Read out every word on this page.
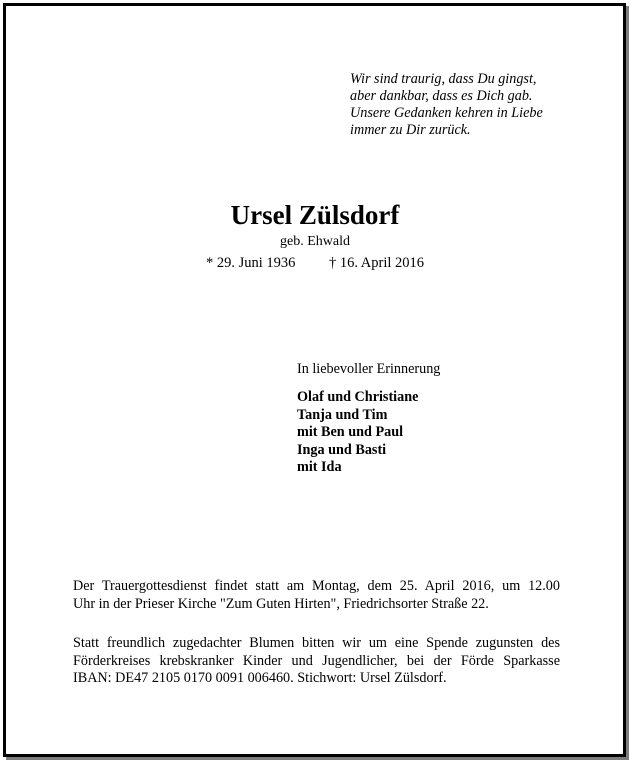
Wir sind traurig, dass Du gingst,
aber dankbar, dass es Dich gab.
Unsere Gedanken kehren in Liebe
immer zu Dir zurück.
Ursel Zülsdorf
geb. Ehwald
* 29. Juni 1936 † 16. April 2016
In liebevoller Erinnerung
Olaf und Christiane
Tanja und Tim
mit Ben und Paul
Inga und Basti
mit Ida
Der Trauergottesdienst findet statt am Montag, dem 25. April 2016, um 12.00
Uhr in der Prieser Kirche "Zum Guten Hirten", Friedrichsorter Straße 22.
Statt freundlich zugedachter Blumen bitten wir um eine Spende zugunsten des
Förderkreises krebskranker Kinder und Jugendlicher, bei der Förde Sparkasse
IBAN: DE47 2105 0170 0091 006460. Stichwort: Ursel Zülsdorf.
